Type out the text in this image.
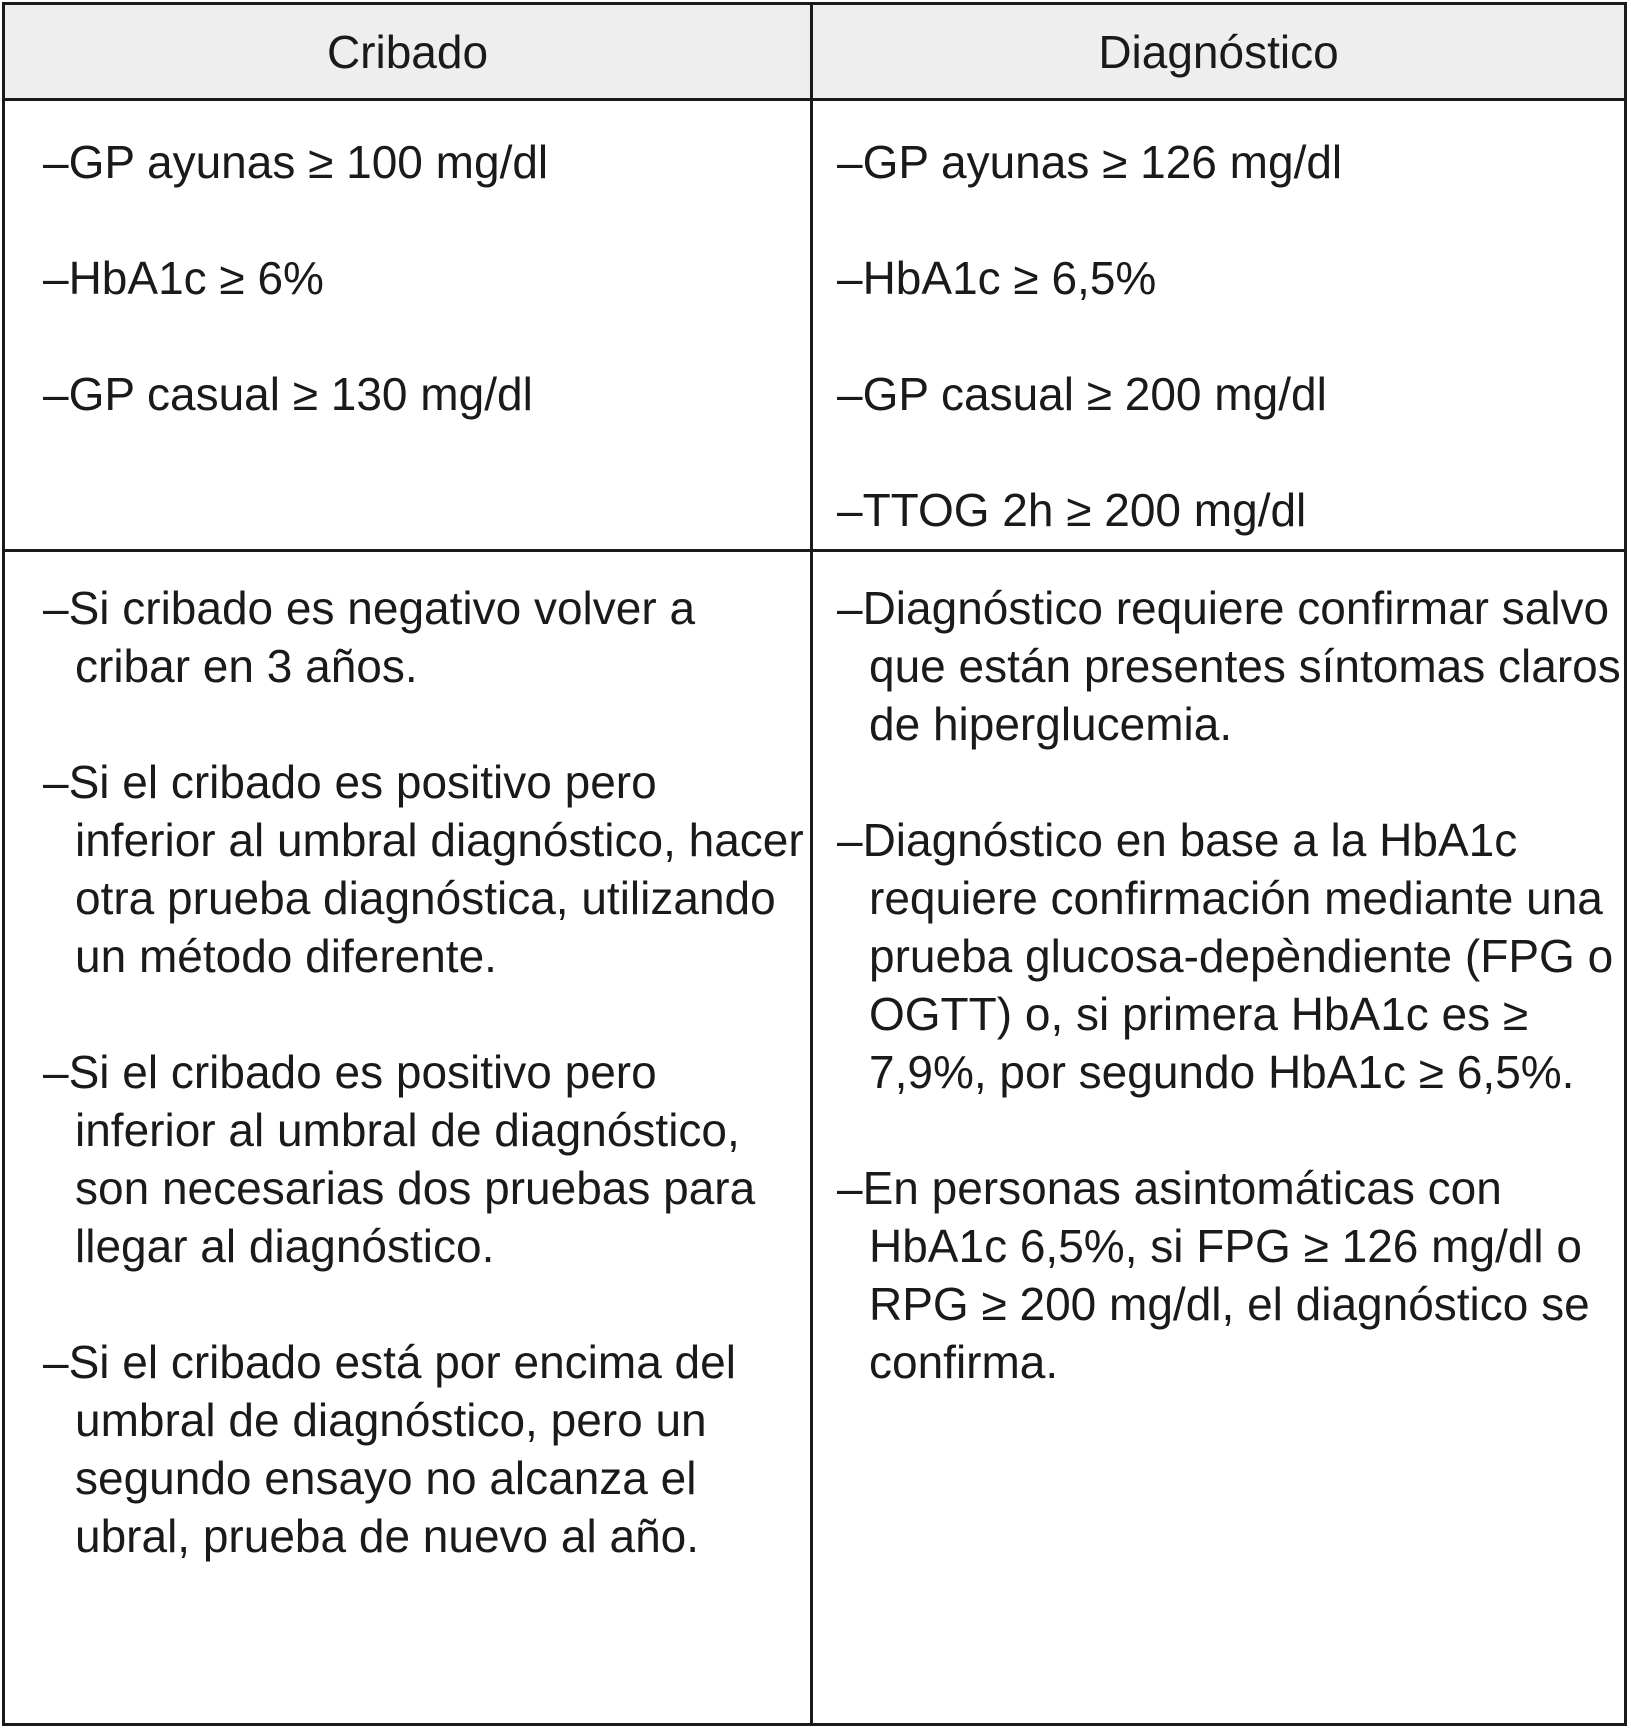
Cribado	Diagnóstico
–GP ayunas ≥ 100 mg/dl
–HbA1c ≥ 6%
–GP casual ≥ 130 mg/dl
–GP ayunas ≥ 126 mg/dl
–HbA1c ≥ 6,5%
–GP casual ≥ 200 mg/dl
–TTOG 2h ≥ 200 mg/dl
–Si cribado es negativo volver a cribar en 3 años.
–Si el cribado es positivo pero inferior al umbral diagnóstico, hacer otra prueba diagnóstica, utilizando un método diferente.
–Si el cribado es positivo pero inferior al umbral de diagnóstico, son necesarias dos pruebas para llegar al diagnóstico.
–Si el cribado está por encima del umbral de diagnóstico, pero un segundo ensayo no alcanza el ubral, prueba de nuevo al año.
–Diagnóstico requiere confirmar salvo que están presentes síntomas claros de hiperglucemia.
–Diagnóstico en base a la HbA1c requiere confirmación mediante una prueba glucosa-depèndiente (FPG o OGTT) o, si primera HbA1c es ≥ 7,9%, por segundo HbA1c ≥ 6,5%.
–En personas asintomáticas con HbA1c 6,5%, si FPG ≥ 126 mg/dl o RPG ≥ 200 mg/dl, el diagnóstico se confirma.
